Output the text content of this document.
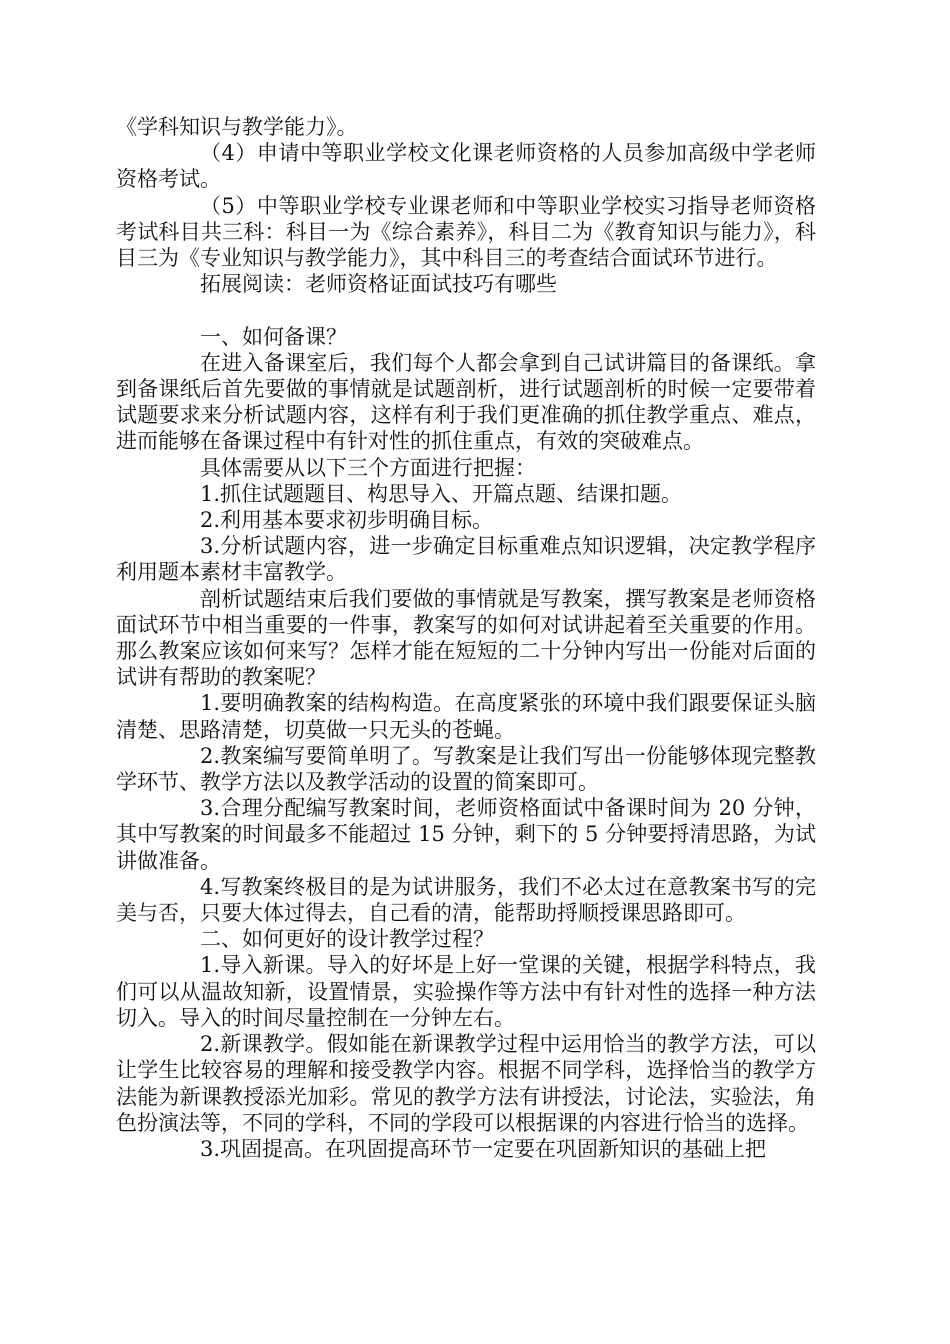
《学科知识与教学能力》。

（4）申请中等职业学校文化课老师资格的人员参加高级中学老师资格考试。

（5）中等职业学校专业课老师和中等职业学校实习指导老师资格考试科目共三科：科目一为《综合素养》，科目二为《教育知识与能力》，科目三为《专业知识与教学能力》，其中科目三的考查结合面试环节进行。

拓展阅读：老师资格证面试技巧有哪些

一、如何备课？

在进入备课室后，我们每个人都会拿到自己试讲篇目的备课纸。拿到备课纸后首先要做的事情就是试题剖析，进行试题剖析的时候一定要带着试题要求来分析试题内容，这样有利于我们更准确的抓住教学重点、难点，进而能够在备课过程中有针对性的抓住重点，有效的突破难点。

具体需要从以下三个方面进行把握：

1.抓住试题题目、构思导入、开篇点题、结课扣题。

2.利用基本要求初步明确目标。

3.分析试题内容，进一步确定目标重难点知识逻辑，决定教学程序利用题本素材丰富教学。

剖析试题结束后我们要做的事情就是写教案，撰写教案是老师资格面试环节中相当重要的一件事，教案写的如何对试讲起着至关重要的作用。那么教案应该如何来写？怎样才能在短短的二十分钟内写出一份能对后面的试讲有帮助的教案呢？

1.要明确教案的结构构造。在高度紧张的环境中我们跟要保证头脑清楚、思路清楚，切莫做一只无头的苍蝇。

2.教案编写要简单明了。写教案是让我们写出一份能够体现完整教学环节、教学方法以及教学活动的设置的简案即可。

3.合理分配编写教案时间，老师资格面试中备课时间为 20 分钟，其中写教案的时间最多不能超过 15 分钟，剩下的 5 分钟要捋清思路，为试讲做准备。

4.写教案终极目的是为试讲服务，我们不必太过在意教案书写的完美与否，只要大体过得去，自己看的清，能帮助捋顺授课思路即可。

二、如何更好的设计教学过程？

1.导入新课。导入的好坏是上好一堂课的关键，根据学科特点，我们可以从温故知新，设置情景，实验操作等方法中有针对性的选择一种方法切入。导入的时间尽量控制在一分钟左右。

2.新课教学。假如能在新课教学过程中运用恰当的教学方法，可以让学生比较容易的理解和接受教学内容。根据不同学科，选择恰当的教学方法能为新课教授添光加彩。常见的教学方法有讲授法，讨论法，实验法，角色扮演法等，不同的学科，不同的学段可以根据课的内容进行恰当的选择。

3.巩固提高。在巩固提高环节一定要在巩固新知识的基础上把
